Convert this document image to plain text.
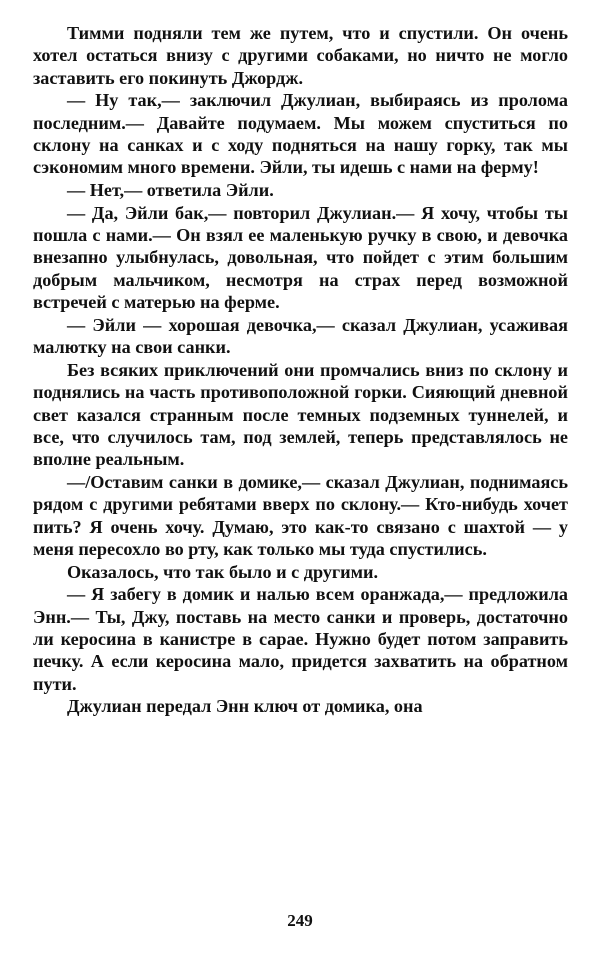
Тимми подняли тем же путем, что и спустили. Он очень хотел остаться внизу с другими собаками, но ничто не могло заставить его покинуть Джордж.

— Ну так,— заключил Джулиан, выбираясь из пролома последним.— Давайте подумаем. Мы можем спуститься по склону на санках и с ходу подняться на нашу горку, так мы сэкономим много времени. Эйли, ты идешь с нами на ферму!

— Нет,— ответила Эйли.

— Да, Эйли бак,— повторил Джулиан.— Я хочу, чтобы ты пошла с нами.— Он взял ее маленькую ручку в свою, и девочка внезапно улыбнулась, довольная, что пойдет с этим большим добрым мальчиком, несмотря на страх перед возможной встречей с матерью на ферме.

— Эйли — хорошая девочка,— сказал Джулиан, усаживая малютку на свои санки.

Без всяких приключений они промчались вниз по склону и поднялись на часть противоположной горки. Сияющий дневной свет казался странным после темных подземных туннелей, и все, что случилось там, под землей, теперь представлялось не вполне реальным.

—/Оставим санки в домике,— сказал Джулиан, поднимаясь рядом с другими ребятами вверх по склону.— Кто-нибудь хочет пить? Я очень хочу. Думаю, это как-то связано с шахтой — у меня пересохло во рту, как только мы туда спустились.

Оказалось, что так было и с другими.

— Я забегу в домик и налью всем оранжада,— предложила Энн.— Ты, Джу, поставь на место санки и проверь, достаточно ли керосина в канистре в сарае. Нужно будет потом заправить печку. А если керосина мало, придется захватить на обратном пути.

Джулиан передал Энн ключ от домика, она

249
